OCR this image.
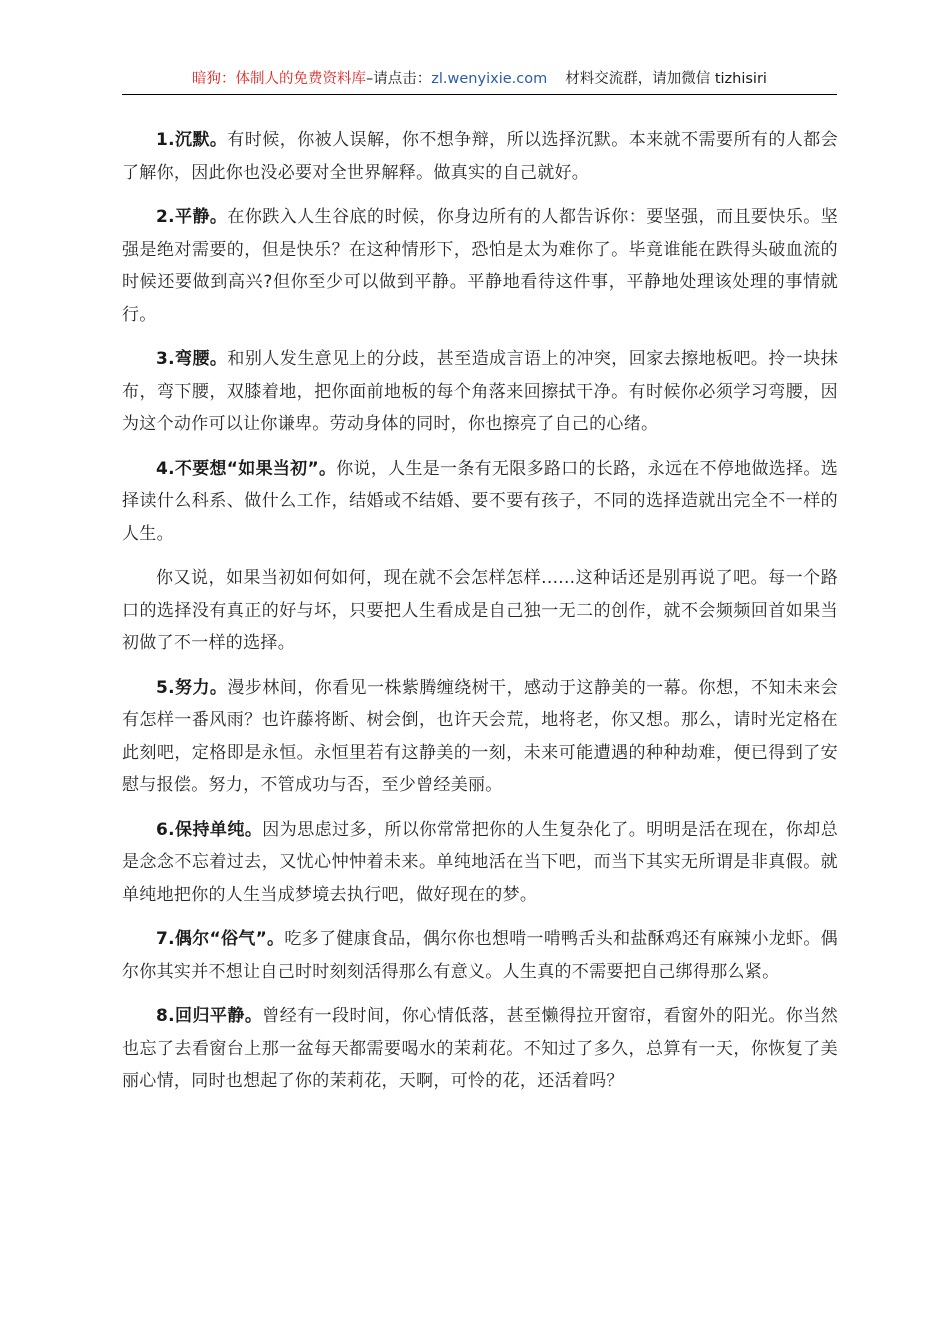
暗狗：体制人的免费资料库–请点击：zl.wenyixie.com 材料交流群，请加微信 tizhisiri

1.沉默。有时候，你被人误解，你不想争辩，所以选择沉默。本来就不需要所有的人都会了解你，因此你也没必要对全世界解释。做真实的自己就好。

2.平静。在你跌入人生谷底的时候，你身边所有的人都告诉你：要坚强，而且要快乐。坚强是绝对需要的，但是快乐？在这种情形下，恐怕是太为难你了。毕竟谁能在跌得头破血流的时候还要做到高兴?但你至少可以做到平静。平静地看待这件事，平静地处理该处理的事情就行。

3.弯腰。和别人发生意见上的分歧，甚至造成言语上的冲突，回家去擦地板吧。拎一块抹布，弯下腰，双膝着地，把你面前地板的每个角落来回擦拭干净。有时候你必须学习弯腰，因为这个动作可以让你谦卑。劳动身体的同时，你也擦亮了自己的心绪。

4.不要想“如果当初”。你说，人生是一条有无限多路口的长路，永远在不停地做选择。选择读什么科系、做什么工作，结婚或不结婚、要不要有孩子，不同的选择造就出完全不一样的人生。

你又说，如果当初如何如何，现在就不会怎样怎样......这种话还是别再说了吧。每一个路口的选择没有真正的好与坏，只要把人生看成是自己独一无二的创作，就不会频频回首如果当初做了不一样的选择。

5.努力。漫步林间，你看见一株紫腾缠绕树干，感动于这静美的一幕。你想，不知未来会有怎样一番风雨？也许藤将断、树会倒，也许天会荒，地将老，你又想。那么，请时光定格在此刻吧，定格即是永恒。永恒里若有这静美的一刻，未来可能遭遇的种种劫难，便已得到了安慰与报偿。努力，不管成功与否，至少曾经美丽。

6.保持单纯。因为思虑过多，所以你常常把你的人生复杂化了。明明是活在现在，你却总是念念不忘着过去，又忧心忡忡着未来。单纯地活在当下吧，而当下其实无所谓是非真假。就单纯地把你的人生当成梦境去执行吧，做好现在的梦。

7.偶尔“俗气”。吃多了健康食品，偶尔你也想啃一啃鸭舌头和盐酥鸡还有麻辣小龙虾。偶尔你其实并不想让自己时时刻刻活得那么有意义。人生真的不需要把自己绑得那么紧。

8.回归平静。曾经有一段时间，你心情低落，甚至懒得拉开窗帘，看窗外的阳光。你当然也忘了去看窗台上那一盆每天都需要喝水的茉莉花。不知过了多久，总算有一天，你恢复了美丽心情，同时也想起了你的茉莉花，天啊，可怜的花，还活着吗？
